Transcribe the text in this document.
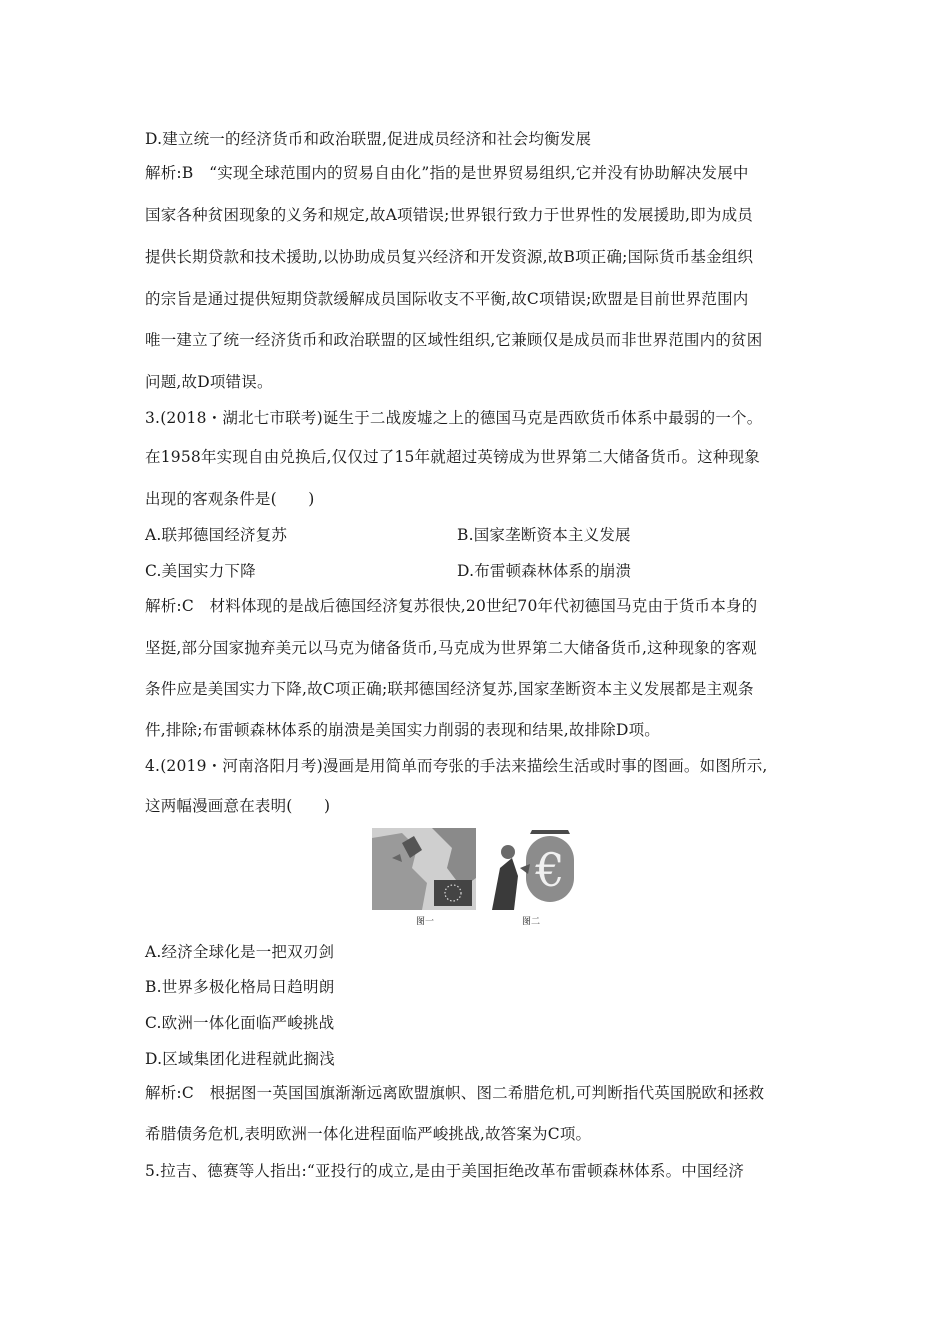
D.建立统一的经济货币和政治联盟,促进成员经济和社会均衡发展
解析:B　“实现全球范围内的贸易自由化”指的是世界贸易组织,它并没有协助解决发展中
国家各种贫困现象的义务和规定,故A项错误;世界银行致力于世界性的发展援助,即为成员
提供长期贷款和技术援助,以协助成员复兴经济和开发资源,故B项正确;国际货币基金组织
的宗旨是通过提供短期贷款缓解成员国际收支不平衡,故C项错误;欧盟是目前世界范围内
唯一建立了统一经济货币和政治联盟的区域性组织,它兼顾仅是成员而非世界范围内的贫困
问题,故D项错误。
3.(2018・湖北七市联考)诞生于二战废墟之上的德国马克是西欧货币体系中最弱的一个。
在1958年实现自由兑换后,仅仅过了15年就超过英镑成为世界第二大储备货币。这种现象
出现的客观条件是(　　)
A.联邦德国经济复苏	B.国家垄断资本主义发展
C.美国实力下降	D.布雷顿森林体系的崩溃
解析:C　材料体现的是战后德国经济复苏很快,20世纪70年代初德国马克由于货币本身的
坚挺,部分国家抛弃美元以马克为储备货币,马克成为世界第二大储备货币,这种现象的客观
条件应是美国实力下降,故C项正确;联邦德国经济复苏,国家垄断资本主义发展都是主观条
件,排除;布雷顿森林体系的崩溃是美国实力削弱的表现和结果,故排除D项。
4.(2019・河南洛阳月考)漫画是用简单而夸张的手法来描绘生活或时事的图画。如图所示,
这两幅漫画意在表明(　　)
€
图一	图二
A.经济全球化是一把双刃剑
B.世界多极化格局日趋明朗
C.欧洲一体化面临严峻挑战
D.区域集团化进程就此搁浅
解析:C　根据图一英国国旗渐渐远离欧盟旗帜、图二希腊危机,可判断指代英国脱欧和拯救
希腊债务危机,表明欧洲一体化进程面临严峻挑战,故答案为C项。
5.拉吉、德赛等人指出:“亚投行的成立,是由于美国拒绝改革布雷顿森林体系。中国经济
